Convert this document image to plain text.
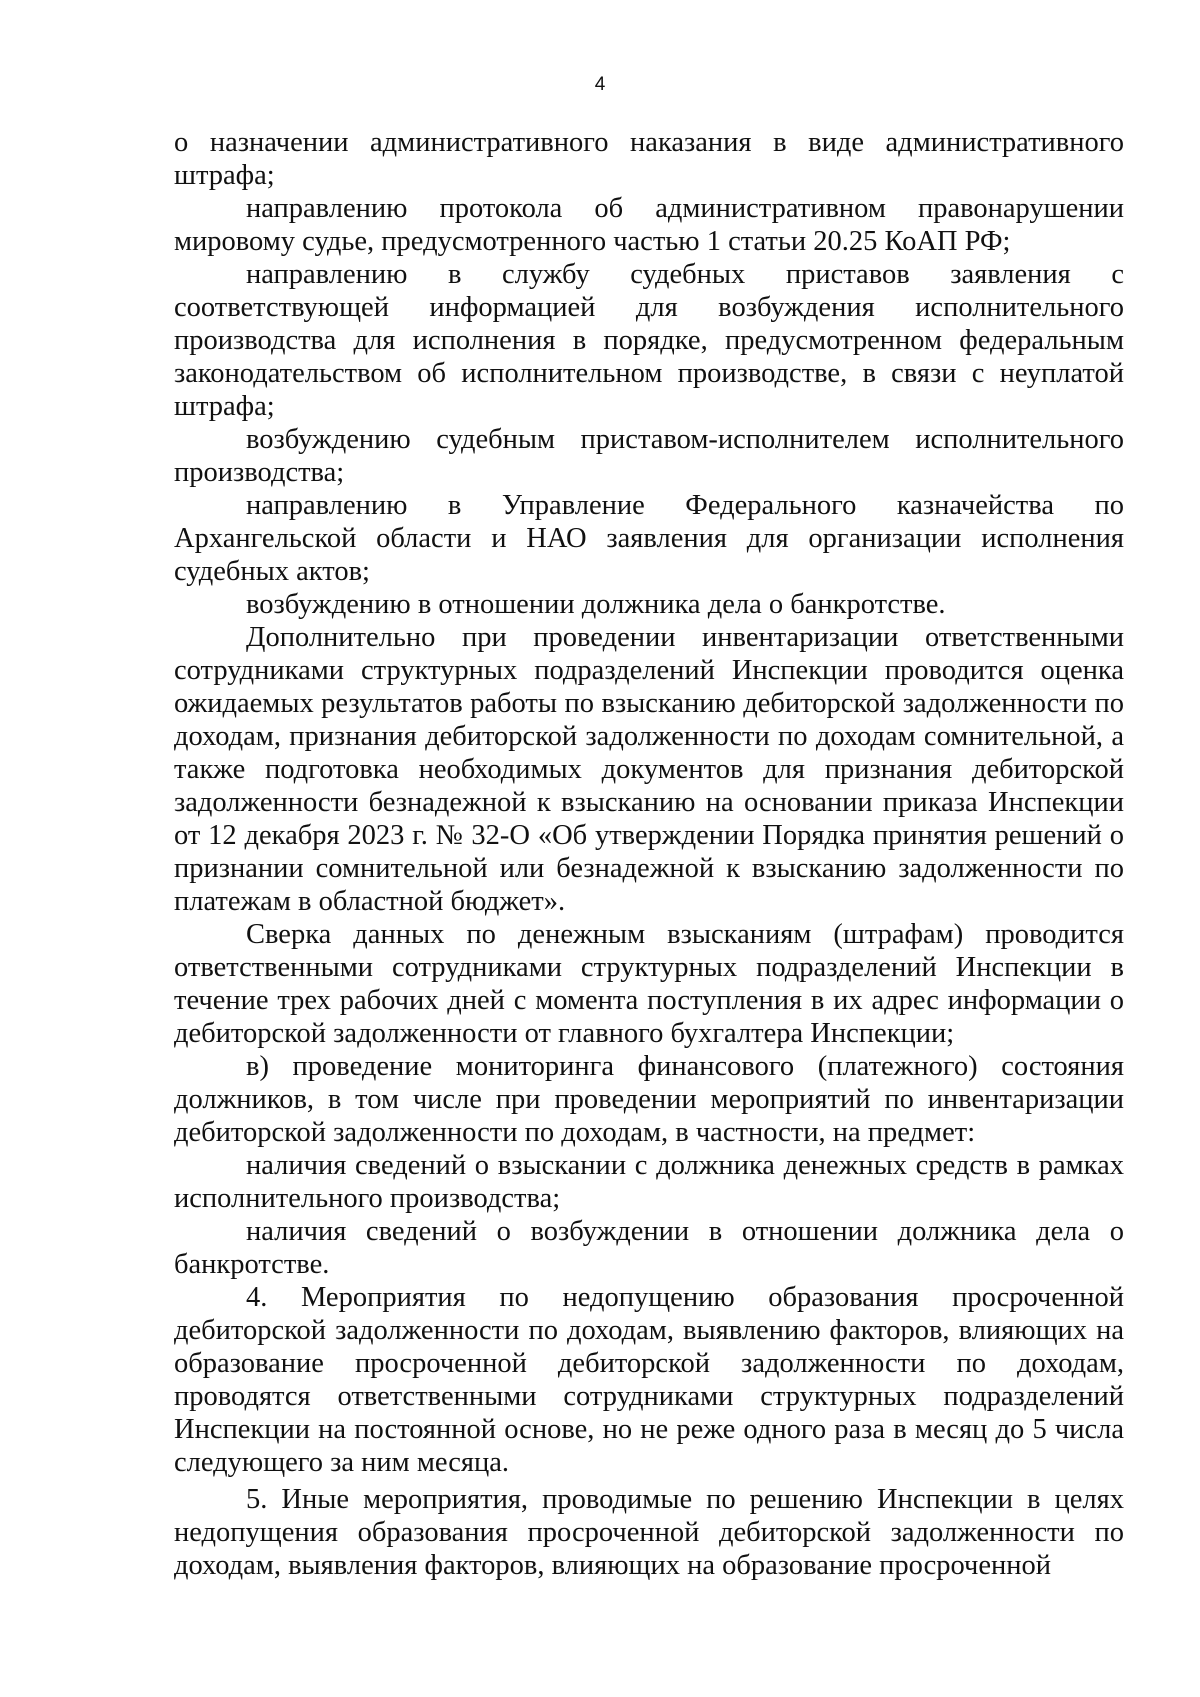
4

о назначении административного наказания в виде административного штрафа;

направлению протокола об административном правонарушении мировому судье, предусмотренного частью 1 статьи 20.25 КоАП РФ;

направлению в службу судебных приставов заявления с соответствующей информацией для возбуждения исполнительного производства для исполнения в порядке, предусмотренном федеральным законодательством об исполнительном производстве, в связи с неуплатой штрафа;

возбуждению судебным приставом-исполнителем исполнительного производства;

направлению в Управление Федерального казначейства по Архангельской области и НАО заявления для организации исполнения судебных актов;

возбуждению в отношении должника дела о банкротстве.

Дополнительно при проведении инвентаризации ответственными сотрудниками структурных подразделений Инспекции проводится оценка ожидаемых результатов работы по взысканию дебиторской задолженности по доходам, признания дебиторской задолженности по доходам сомнительной, а также подготовка необходимых документов для признания дебиторской задолженности безнадежной к взысканию на основании приказа Инспекции от 12 декабря 2023 г. № 32-О «Об утверждении Порядка принятия решений о признании сомнительной или безнадежной к взысканию задолженности по платежам в областной бюджет».

Сверка данных по денежным взысканиям (штрафам) проводится ответственными сотрудниками структурных подразделений Инспекции в течение трех рабочих дней с момента поступления в их адрес информации о дебиторской задолженности от главного бухгалтера Инспекции;

в) проведение мониторинга финансового (платежного) состояния должников, в том числе при проведении мероприятий по инвентаризации дебиторской задолженности по доходам, в частности, на предмет:

наличия сведений о взыскании с должника денежных средств в рамках исполнительного производства;

наличия сведений о возбуждении в отношении должника дела о банкротстве.

4. Мероприятия по недопущению образования просроченной дебиторской задолженности по доходам, выявлению факторов, влияющих на образование просроченной дебиторской задолженности по доходам, проводятся ответственными сотрудниками структурных подразделений Инспекции на постоянной основе, но не реже одного раза в месяц до 5 числа следующего за ним месяца.

5. Иные мероприятия, проводимые по решению Инспекции в целях недопущения образования просроченной дебиторской задолженности по доходам, выявления факторов, влияющих на образование просроченной
